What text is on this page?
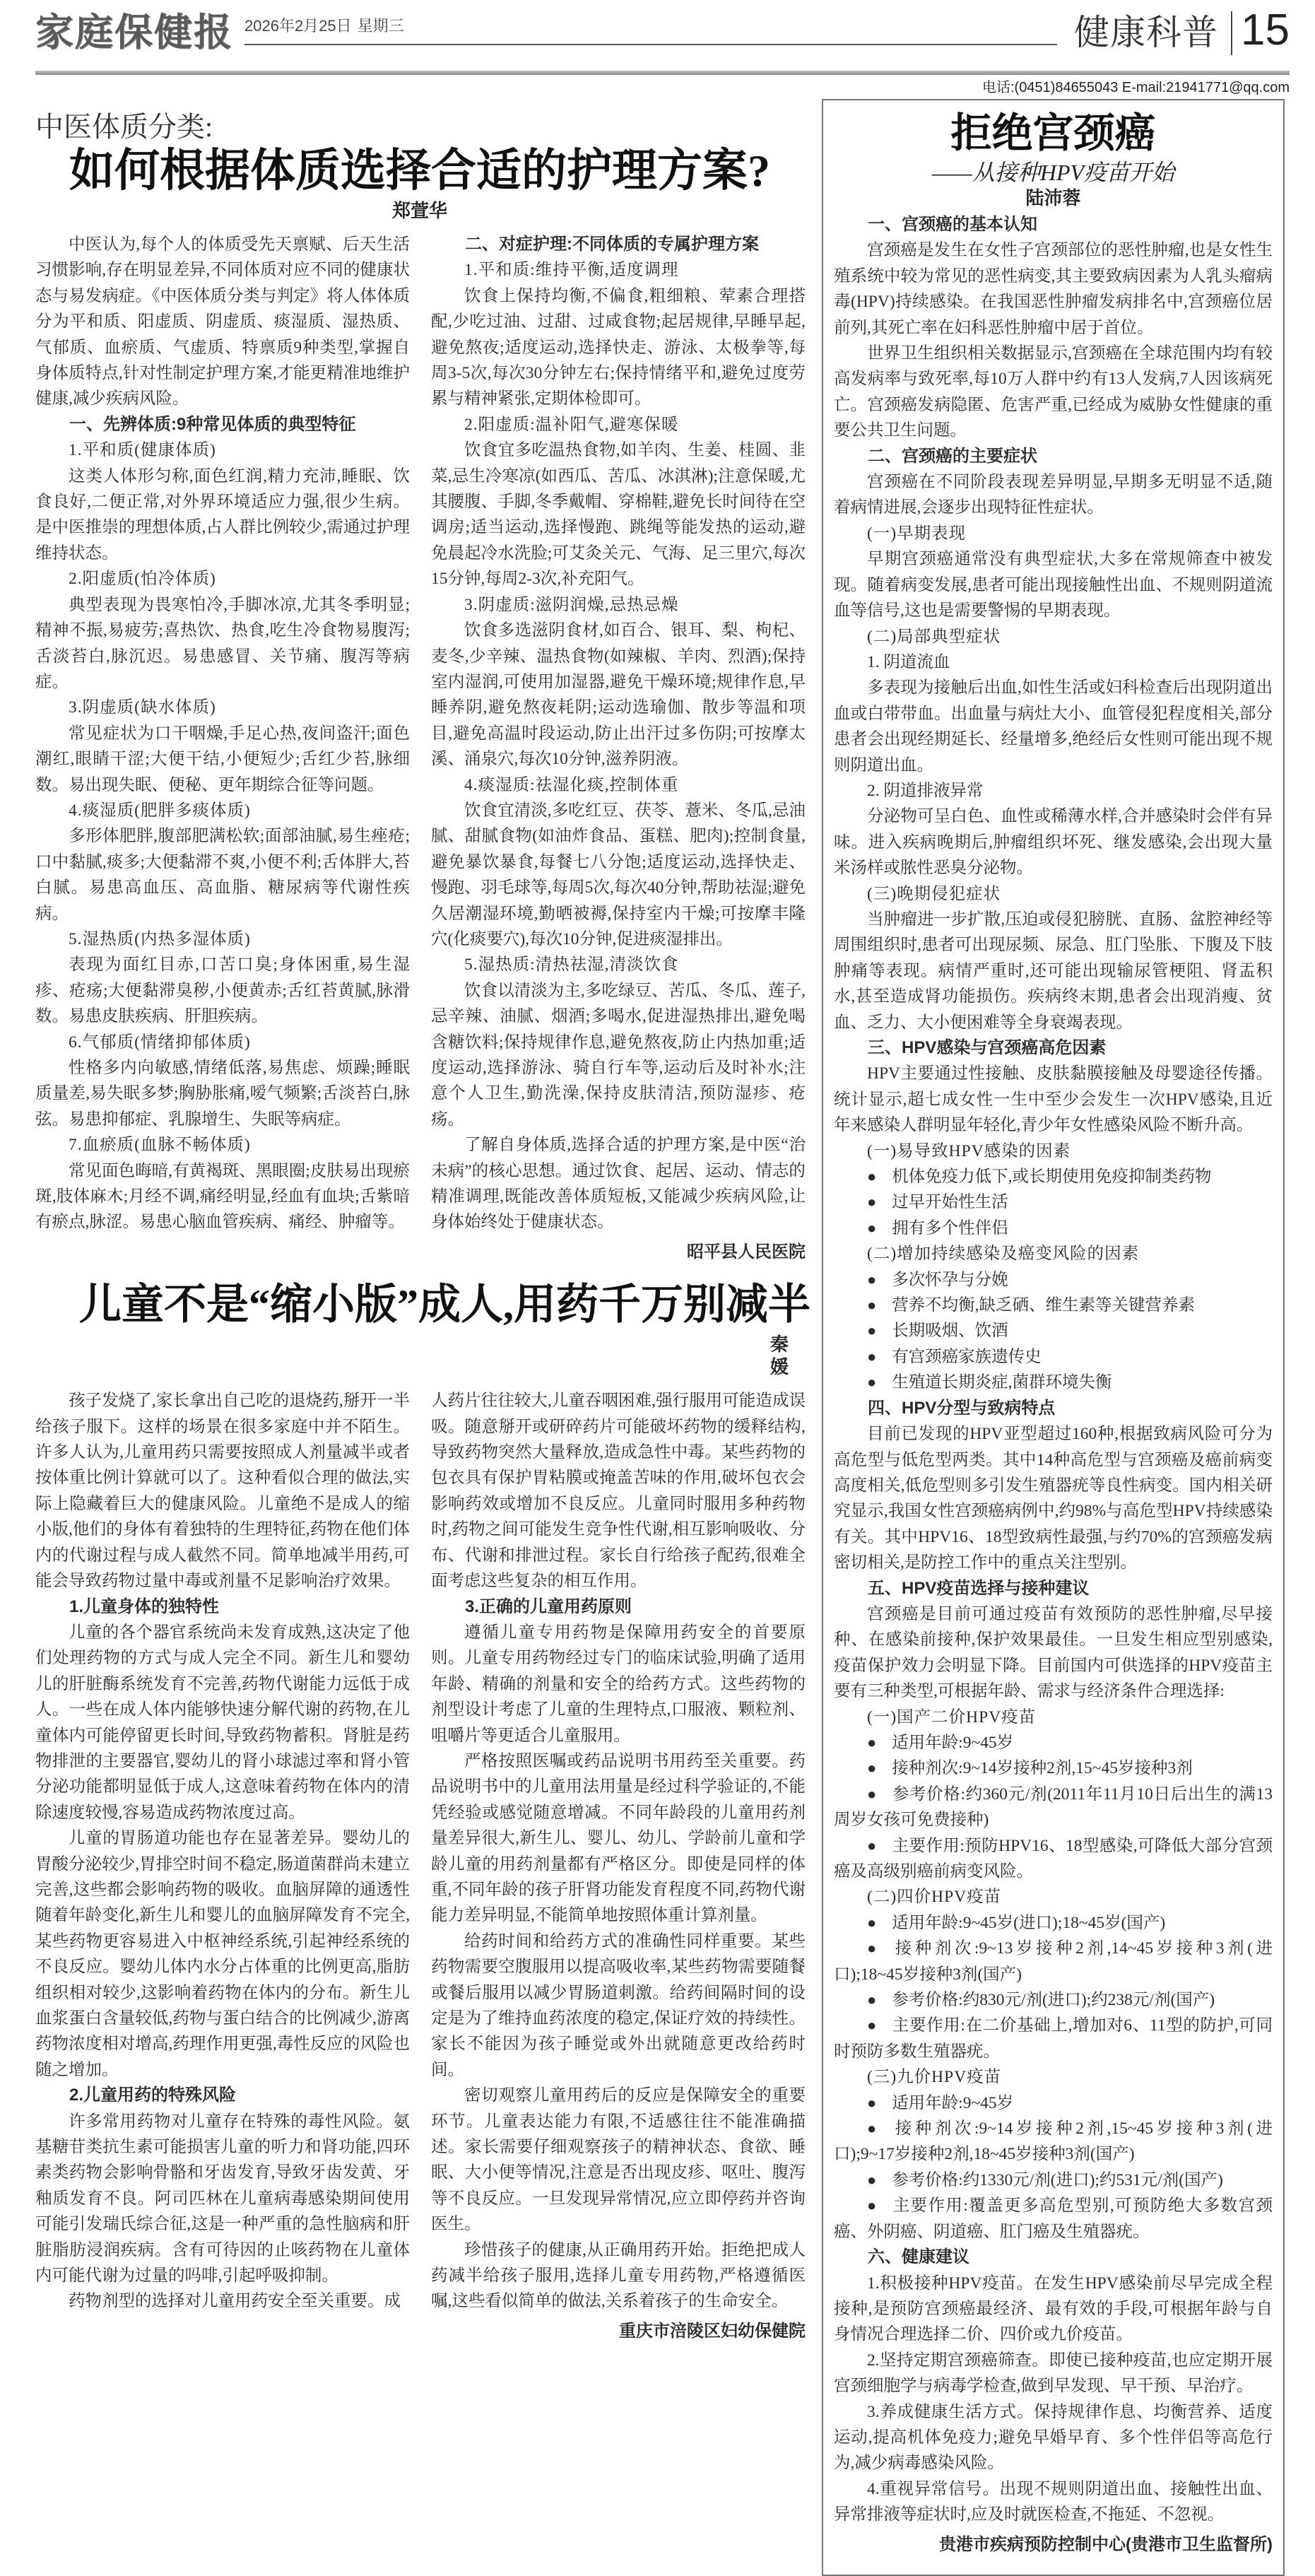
家庭保健报 2026年2月25日 星期三	健康科普 15
电话:(0451)84655043 E-mail:21941771@qq.com
中医体质分类:
如何根据体质选择合适的护理方案?
郑萱华
中医认为,每个人的体质受先天禀赋、后天生活习惯影响,存在明显差异,不同体质对应不同的健康状态与易发病症。《中医体质分类与判定》将人体体质分为平和质、阳虚质、阴虚质、痰湿质、湿热质、气郁质、血瘀质、气虚质、特禀质9种类型,掌握自身体质特点,针对性制定护理方案,才能更精准地维护健康,减少疾病风险。
一、先辨体质:9种常见体质的典型特征
1.平和质(健康体质)
这类人体形匀称,面色红润,精力充沛,睡眠、饮食良好,二便正常,对外界环境适应力强,很少生病。是中医推崇的理想体质,占人群比例较少,需通过护理维持状态。
2.阳虚质(怕冷体质)
典型表现为畏寒怕冷,手脚冰凉,尤其冬季明显;精神不振,易疲劳;喜热饮、热食,吃生冷食物易腹泻;舌淡苔白,脉沉迟。易患感冒、关节痛、腹泻等病症。
3.阴虚质(缺水体质)
常见症状为口干咽燥,手足心热,夜间盗汗;面色潮红,眼睛干涩;大便干结,小便短少;舌红少苔,脉细数。易出现失眠、便秘、更年期综合征等问题。
4.痰湿质(肥胖多痰体质)
多形体肥胖,腹部肥满松软;面部油腻,易生痤疮;口中黏腻,痰多;大便黏滞不爽,小便不利;舌体胖大,苔白腻。易患高血压、高血脂、糖尿病等代谢性疾病。
5.湿热质(内热多湿体质)
表现为面红目赤,口苦口臭;身体困重,易生湿疹、疮疡;大便黏滞臭秽,小便黄赤;舌红苔黄腻,脉滑数。易患皮肤疾病、肝胆疾病。
6.气郁质(情绪抑郁体质)
性格多内向敏感,情绪低落,易焦虑、烦躁;睡眠质量差,易失眠多梦;胸胁胀痛,嗳气频繁;舌淡苔白,脉弦。易患抑郁症、乳腺增生、失眠等病症。
7.血瘀质(血脉不畅体质)
常见面色晦暗,有黄褐斑、黑眼圈;皮肤易出现瘀斑,肢体麻木;月经不调,痛经明显,经血有血块;舌紫暗有瘀点,脉涩。易患心脑血管疾病、痛经、肿瘤等。
二、对症护理:不同体质的专属护理方案
1.平和质:维持平衡,适度调理
饮食上保持均衡,不偏食,粗细粮、荤素合理搭配,少吃过油、过甜、过咸食物;起居规律,早睡早起,避免熬夜;适度运动,选择快走、游泳、太极拳等,每周3-5次,每次30分钟左右;保持情绪平和,避免过度劳累与精神紧张,定期体检即可。
2.阳虚质:温补阳气,避寒保暖
饮食宜多吃温热食物,如羊肉、生姜、桂圆、韭菜,忌生冷寒凉(如西瓜、苦瓜、冰淇淋);注意保暖,尤其腰腹、手脚,冬季戴帽、穿棉鞋,避免长时间待在空调房;适当运动,选择慢跑、跳绳等能发热的运动,避免晨起冷水洗脸;可艾灸关元、气海、足三里穴,每次15分钟,每周2-3次,补充阳气。
3.阴虚质:滋阴润燥,忌热忌燥
饮食多选滋阴食材,如百合、银耳、梨、枸杞、麦冬,少辛辣、温热食物(如辣椒、羊肉、烈酒);保持室内湿润,可使用加湿器,避免干燥环境;规律作息,早睡养阴,避免熬夜耗阴;运动选瑜伽、散步等温和项目,避免高温时段运动,防止出汗过多伤阴;可按摩太溪、涌泉穴,每次10分钟,滋养阴液。
4.痰湿质:祛湿化痰,控制体重
饮食宜清淡,多吃红豆、茯苓、薏米、冬瓜,忌油腻、甜腻食物(如油炸食品、蛋糕、肥肉);控制食量,避免暴饮暴食,每餐七八分饱;适度运动,选择快走、慢跑、羽毛球等,每周5次,每次40分钟,帮助祛湿;避免久居潮湿环境,勤晒被褥,保持室内干燥;可按摩丰隆穴(化痰要穴),每次10分钟,促进痰湿排出。
5.湿热质:清热祛湿,清淡饮食
饮食以清淡为主,多吃绿豆、苦瓜、冬瓜、莲子,忌辛辣、油腻、烟酒;多喝水,促进湿热排出,避免喝含糖饮料;保持规律作息,避免熬夜,防止内热加重;适度运动,选择游泳、骑自行车等,运动后及时补水;注意个人卫生,勤洗澡,保持皮肤清洁,预防湿疹、疮疡。
了解自身体质,选择合适的护理方案,是中医“治未病”的核心思想。通过饮食、起居、运动、情志的精准调理,既能改善体质短板,又能减少疾病风险,让身体始终处于健康状态。
昭平县人民医院
儿童不是“缩小版”成人,用药千万别减半
秦媛
孩子发烧了,家长拿出自己吃的退烧药,掰开一半给孩子服下。这样的场景在很多家庭中并不陌生。许多人认为,儿童用药只需要按照成人剂量减半或者按体重比例计算就可以了。这种看似合理的做法,实际上隐藏着巨大的健康风险。儿童绝不是成人的缩小版,他们的身体有着独特的生理特征,药物在他们体内的代谢过程与成人截然不同。简单地减半用药,可能会导致药物过量中毒或剂量不足影响治疗效果。
1.儿童身体的独特性
儿童的各个器官系统尚未发育成熟,这决定了他们处理药物的方式与成人完全不同。新生儿和婴幼儿的肝脏酶系统发育不完善,药物代谢能力远低于成人。一些在成人体内能够快速分解代谢的药物,在儿童体内可能停留更长时间,导致药物蓄积。肾脏是药物排泄的主要器官,婴幼儿的肾小球滤过率和肾小管分泌功能都明显低于成人,这意味着药物在体内的清除速度较慢,容易造成药物浓度过高。
儿童的胃肠道功能也存在显著差异。婴幼儿的胃酸分泌较少,胃排空时间不稳定,肠道菌群尚未建立完善,这些都会影响药物的吸收。血脑屏障的通透性随着年龄变化,新生儿和婴儿的血脑屏障发育不完全,某些药物更容易进入中枢神经系统,引起神经系统的不良反应。婴幼儿体内水分占体重的比例更高,脂肪组织相对较少,这影响着药物在体内的分布。新生儿血浆蛋白含量较低,药物与蛋白结合的比例减少,游离药物浓度相对增高,药理作用更强,毒性反应的风险也随之增加。
2.儿童用药的特殊风险
许多常用药物对儿童存在特殊的毒性风险。氨基糖苷类抗生素可能损害儿童的听力和肾功能,四环素类药物会影响骨骼和牙齿发育,导致牙齿发黄、牙釉质发育不良。阿司匹林在儿童病毒感染期间使用可能引发瑞氏综合征,这是一种严重的急性脑病和肝脏脂肪浸润疾病。含有可待因的止咳药物在儿童体内可能代谢为过量的吗啡,引起呼吸抑制。
药物剂型的选择对儿童用药安全至关重要。成
人药片往往较大,儿童吞咽困难,强行服用可能造成误吸。随意掰开或研碎药片可能破坏药物的缓释结构,导致药物突然大量释放,造成急性中毒。某些药物的包衣具有保护胃粘膜或掩盖苦味的作用,破坏包衣会影响药效或增加不良反应。儿童同时服用多种药物时,药物之间可能发生竞争性代谢,相互影响吸收、分布、代谢和排泄过程。家长自行给孩子配药,很难全面考虑这些复杂的相互作用。
3.正确的儿童用药原则
遵循儿童专用药物是保障用药安全的首要原则。儿童专用药物经过专门的临床试验,明确了适用年龄、精确的剂量和安全的给药方式。这些药物的剂型设计考虑了儿童的生理特点,口服液、颗粒剂、咀嚼片等更适合儿童服用。
严格按照医嘱或药品说明书用药至关重要。药品说明书中的儿童用法用量是经过科学验证的,不能凭经验或感觉随意增减。不同年龄段的儿童用药剂量差异很大,新生儿、婴儿、幼儿、学龄前儿童和学龄儿童的用药剂量都有严格区分。即使是同样的体重,不同年龄的孩子肝肾功能发育程度不同,药物代谢能力差异明显,不能简单地按照体重计算剂量。
给药时间和给药方式的准确性同样重要。某些药物需要空腹服用以提高吸收率,某些药物需要随餐或餐后服用以减少胃肠道刺激。给药间隔时间的设定是为了维持血药浓度的稳定,保证疗效的持续性。家长不能因为孩子睡觉或外出就随意更改给药时间。
密切观察儿童用药后的反应是保障安全的重要环节。儿童表达能力有限,不适感往往不能准确描述。家长需要仔细观察孩子的精神状态、食欲、睡眠、大小便等情况,注意是否出现皮疹、呕吐、腹泻等不良反应。一旦发现异常情况,应立即停药并咨询医生。
珍惜孩子的健康,从正确用药开始。拒绝把成人药减半给孩子服用,选择儿童专用药物,严格遵循医嘱,这些看似简单的做法,关系着孩子的生命安全。
重庆市涪陵区妇幼保健院
拒绝宫颈癌
——从接种HPV疫苗开始
陆沛蓉
一、宫颈癌的基本认知
宫颈癌是发生在女性子宫颈部位的恶性肿瘤,也是女性生殖系统中较为常见的恶性病变,其主要致病因素为人乳头瘤病毒(HPV)持续感染。在我国恶性肿瘤发病排名中,宫颈癌位居前列,其死亡率在妇科恶性肿瘤中居于首位。
世界卫生组织相关数据显示,宫颈癌在全球范围内均有较高发病率与致死率,每10万人群中约有13人发病,7人因该病死亡。宫颈癌发病隐匿、危害严重,已经成为威胁女性健康的重要公共卫生问题。
二、宫颈癌的主要症状
宫颈癌在不同阶段表现差异明显,早期多无明显不适,随着病情进展,会逐步出现特征性症状。
(一)早期表现
早期宫颈癌通常没有典型症状,大多在常规筛查中被发现。随着病变发展,患者可能出现接触性出血、不规则阴道流血等信号,这也是需要警惕的早期表现。
(二)局部典型症状
1. 阴道流血
多表现为接触后出血,如性生活或妇科检查后出现阴道出血或白带带血。出血量与病灶大小、血管侵犯程度相关,部分患者会出现经期延长、经量增多,绝经后女性则可能出现不规则阴道出血。
2. 阴道排液异常
分泌物可呈白色、血性或稀薄水样,合并感染时会伴有异味。进入疾病晚期后,肿瘤组织坏死、继发感染,会出现大量米汤样或脓性恶臭分泌物。
(三)晚期侵犯症状
当肿瘤进一步扩散,压迫或侵犯膀胱、直肠、盆腔神经等周围组织时,患者可出现尿频、尿急、肛门坠胀、下腹及下肢肿痛等表现。病情严重时,还可能出现输尿管梗阻、肾盂积水,甚至造成肾功能损伤。疾病终末期,患者会出现消瘦、贫血、乏力、大小便困难等全身衰竭表现。
三、HPV感染与宫颈癌高危因素
HPV主要通过性接触、皮肤黏膜接触及母婴途径传播。统计显示,超七成女性一生中至少会发生一次HPV感染,且近年来感染人群明显年轻化,青少年女性感染风险不断升高。
(一)易导致HPV感染的因素
● 机体免疫力低下,或长期使用免疫抑制类药物
● 过早开始性生活
● 拥有多个性伴侣
(二)增加持续感染及癌变风险的因素
● 多次怀孕与分娩
● 营养不均衡,缺乏硒、维生素等关键营养素
● 长期吸烟、饮酒
● 有宫颈癌家族遗传史
● 生殖道长期炎症,菌群环境失衡
四、HPV分型与致病特点
目前已发现的HPV亚型超过160种,根据致病风险可分为高危型与低危型两类。其中14种高危型与宫颈癌及癌前病变高度相关,低危型则多引发生殖器疣等良性病变。国内相关研究显示,我国女性宫颈癌病例中,约98%与高危型HPV持续感染有关。其中HPV16、18型致病性最强,与约70%的宫颈癌发病密切相关,是防控工作中的重点关注型别。
五、HPV疫苗选择与接种建议
宫颈癌是目前可通过疫苗有效预防的恶性肿瘤,尽早接种、在感染前接种,保护效果最佳。一旦发生相应型别感染,疫苗保护效力会明显下降。目前国内可供选择的HPV疫苗主要有三种类型,可根据年龄、需求与经济条件合理选择:
(一)国产二价HPV疫苗
● 适用年龄:9~45岁
● 接种剂次:9~14岁接种2剂,15~45岁接种3剂
● 参考价格:约360元/剂(2011年11月10日后出生的满13周岁女孩可免费接种)
● 主要作用:预防HPV16、18型感染,可降低大部分宫颈癌及高级别癌前病变风险。
(二)四价HPV疫苗
● 适用年龄:9~45岁(进口);18~45岁(国产)
● 接种剂次:9~13岁接种2剂,14~45岁接种3剂(进口);18~45岁接种3剂(国产)
● 参考价格:约830元/剂(进口);约238元/剂(国产)
● 主要作用:在二价基础上,增加对6、11型的防护,可同时预防多数生殖器疣。
(三)九价HPV疫苗
● 适用年龄:9~45岁
● 接种剂次:9~14岁接种2剂,15~45岁接种3剂(进口);9~17岁接种2剂,18~45岁接种3剂(国产)
● 参考价格:约1330元/剂(进口);约531元/剂(国产)
● 主要作用:覆盖更多高危型别,可预防绝大多数宫颈癌、外阴癌、阴道癌、肛门癌及生殖器疣。
六、健康建议
1.积极接种HPV疫苗。在发生HPV感染前尽早完成全程接种,是预防宫颈癌最经济、最有效的手段,可根据年龄与自身情况合理选择二价、四价或九价疫苗。
2.坚持定期宫颈癌筛查。即使已接种疫苗,也应定期开展宫颈细胞学与病毒学检查,做到早发现、早干预、早治疗。
3.养成健康生活方式。保持规律作息、均衡营养、适度运动,提高机体免疫力;避免早婚早育、多个性伴侣等高危行为,减少病毒感染风险。
4.重视异常信号。出现不规则阴道出血、接触性出血、异常排液等症状时,应及时就医检查,不拖延、不忽视。
贵港市疾病预防控制中心(贵港市卫生监督所)
